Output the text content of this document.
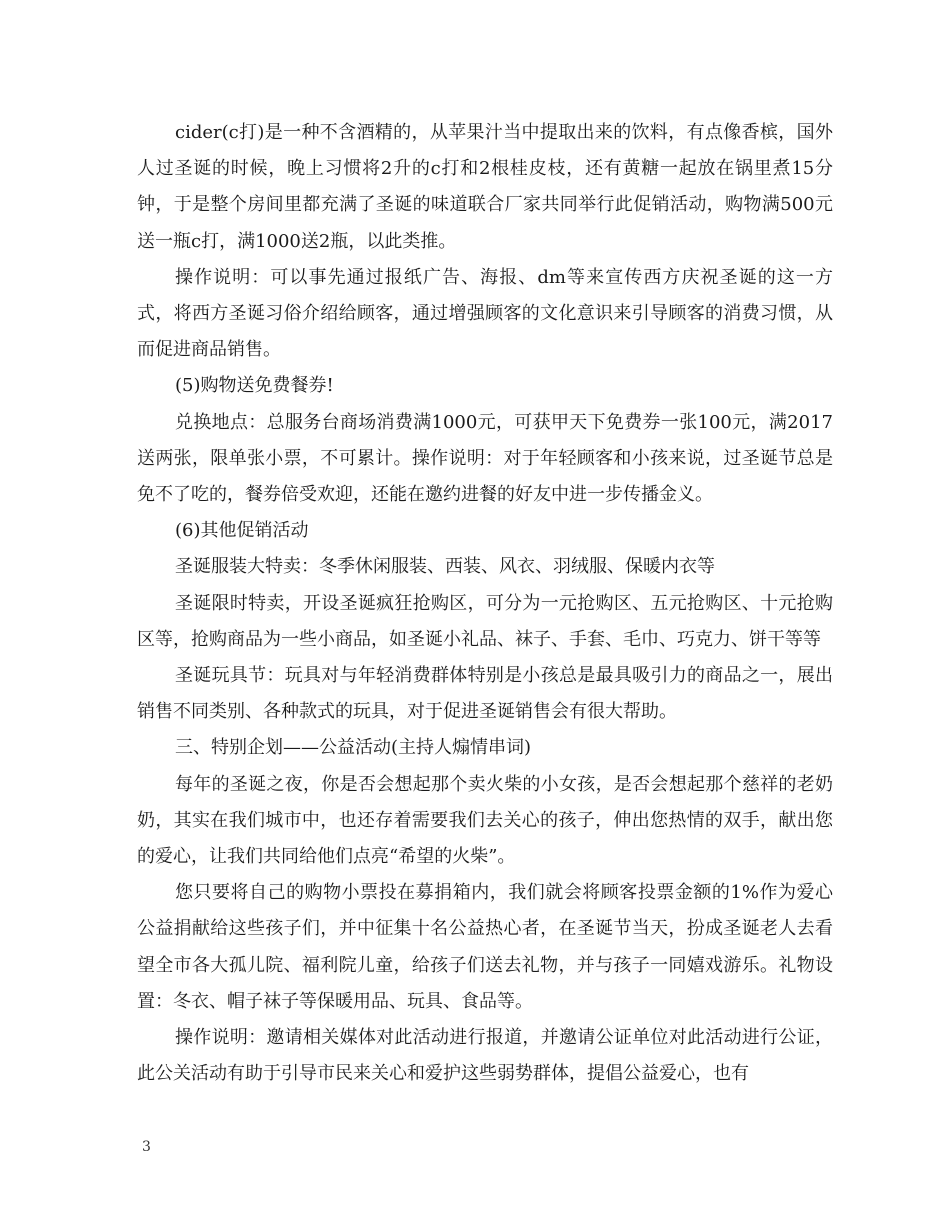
cider(c打)是一种不含酒精的，从苹果汁当中提取出来的饮料，有点像香槟，国外人过圣诞的时候，晚上习惯将2升的c打和2根桂皮枝，还有黄糖一起放在锅里煮15分钟，于是整个房间里都充满了圣诞的味道联合厂家共同举行此促销活动，购物满500元送一瓶c打，满1000送2瓶，以此类推。

操作说明：可以事先通过报纸广告、海报、dm等来宣传西方庆祝圣诞的这一方式，将西方圣诞习俗介绍给顾客，通过增强顾客的文化意识来引导顾客的消费习惯，从而促进商品销售。

(5)购物送免费餐券!

兑换地点：总服务台商场消费满1000元，可获甲天下免费券一张100元，满2017送两张，限单张小票，不可累计。操作说明：对于年轻顾客和小孩来说，过圣诞节总是免不了吃的，餐券倍受欢迎，还能在邀约进餐的好友中进一步传播金义。

(6)其他促销活动

圣诞服装大特卖：冬季休闲服装、西装、风衣、羽绒服、保暖内衣等

圣诞限时特卖，开设圣诞疯狂抢购区，可分为一元抢购区、五元抢购区、十元抢购区等，抢购商品为一些小商品，如圣诞小礼品、袜子、手套、毛巾、巧克力、饼干等等

圣诞玩具节：玩具对与年轻消费群体特别是小孩总是最具吸引力的商品之一，展出销售不同类别、各种款式的玩具，对于促进圣诞销售会有很大帮助。

三、特别企划——公益活动(主持人煽情串词)

每年的圣诞之夜，你是否会想起那个卖火柴的小女孩，是否会想起那个慈祥的老奶奶，其实在我们城市中，也还存着需要我们去关心的孩子，伸出您热情的双手，献出您的爱心，让我们共同给他们点亮“希望的火柴”。

您只要将自己的购物小票投在募捐箱内，我们就会将顾客投票金额的1%作为爱心公益捐献给这些孩子们，并中征集十名公益热心者，在圣诞节当天，扮成圣诞老人去看望全市各大孤儿院、福利院儿童，给孩子们送去礼物，并与孩子一同嬉戏游乐。礼物设置：冬衣、帽子袜子等保暖用品、玩具、食品等。

操作说明：邀请相关媒体对此活动进行报道，并邀请公证单位对此活动进行公证，此公关活动有助于引导市民来关心和爱护这些弱势群体，提倡公益爱心，也有

3
